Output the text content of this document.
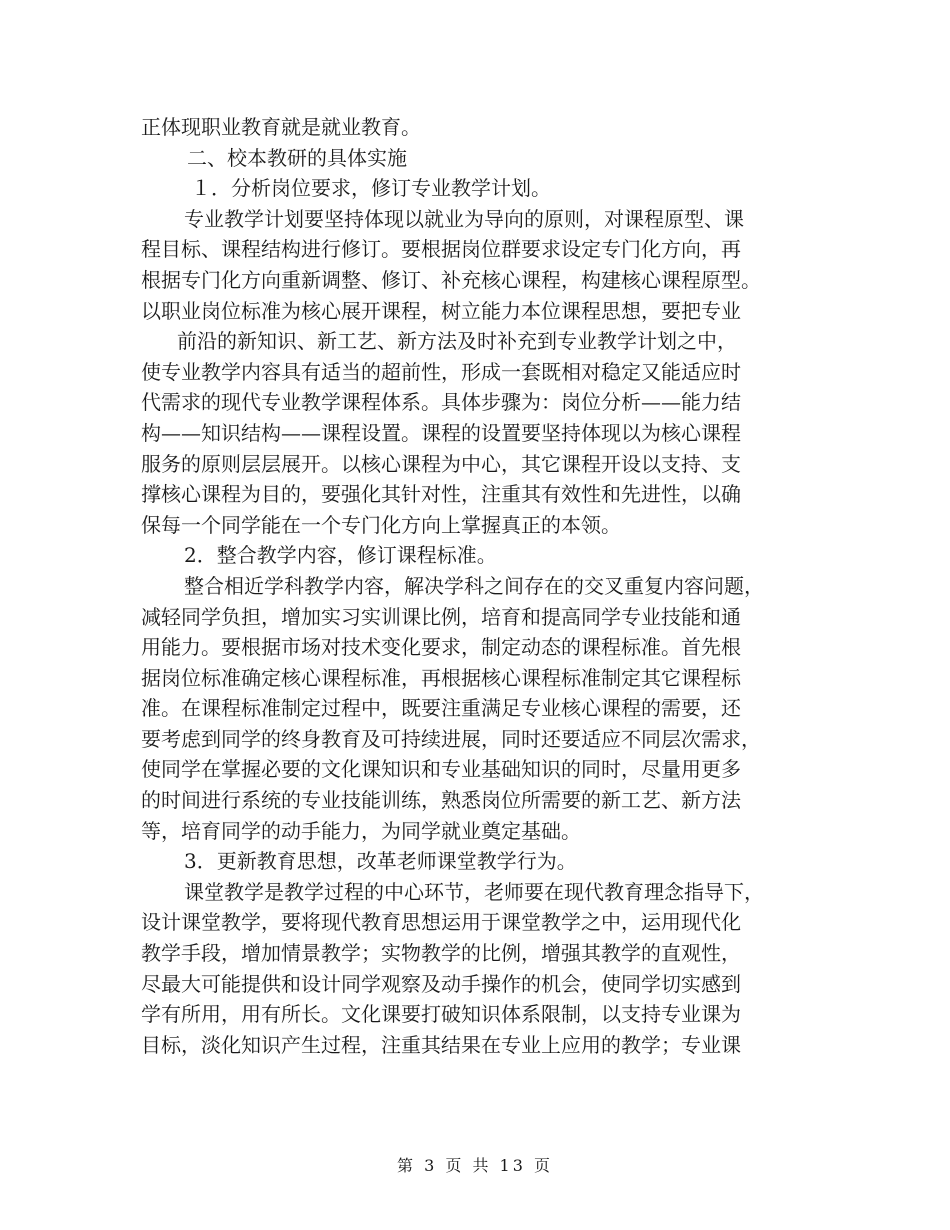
正体现职业教育就是就业教育。
二、校本教研的具体实施
１．分析岗位要求，修订专业教学计划。
专业教学计划要坚持体现以就业为导向的原则，对课程原型、课
程目标、课程结构进行修订。要根据岗位群要求设定专门化方向，再
根据专门化方向重新调整、修订、补充核心课程，构建核心课程原型。
以职业岗位标准为核心展开课程，树立能力本位课程思想，要把专业
前沿的新知识、新工艺、新方法及时补充到专业教学计划之中，
使专业教学内容具有适当的超前性，形成一套既相对稳定又能适应时
代需求的现代专业教学课程体系。具体步骤为：岗位分析——能力结
构——知识结构——课程设置。课程的设置要坚持体现以为核心课程
服务的原则层层展开。以核心课程为中心，其它课程开设以支持、支
撑核心课程为目的，要强化其针对性，注重其有效性和先进性，以确
保每一个同学能在一个专门化方向上掌握真正的本领。
2．整合教学内容，修订课程标准。
整合相近学科教学内容，解决学科之间存在的交叉重复内容问题，
减轻同学负担，增加实习实训课比例，培育和提高同学专业技能和通
用能力。要根据市场对技术变化要求，制定动态的课程标准。首先根
据岗位标准确定核心课程标准，再根据核心课程标准制定其它课程标
准。在课程标准制定过程中，既要注重满足专业核心课程的需要，还
要考虑到同学的终身教育及可持续进展，同时还要适应不同层次需求，
使同学在掌握必要的文化课知识和专业基础知识的同时，尽量用更多
的时间进行系统的专业技能训练，熟悉岗位所需要的新工艺、新方法
等，培育同学的动手能力，为同学就业奠定基础。
3．更新教育思想，改革老师课堂教学行为。
课堂教学是教学过程的中心环节，老师要在现代教育理念指导下，
设计课堂教学，要将现代教育思想运用于课堂教学之中，运用现代化
教学手段，增加情景教学；实物教学的比例，增强其教学的直观性，
尽最大可能提供和设计同学观察及动手操作的机会，使同学切实感到
学有所用，用有所长。文化课要打破知识体系限制，以支持专业课为
目标，淡化知识产生过程，注重其结果在专业上应用的教学；专业课
第 3 页 共 13 页
